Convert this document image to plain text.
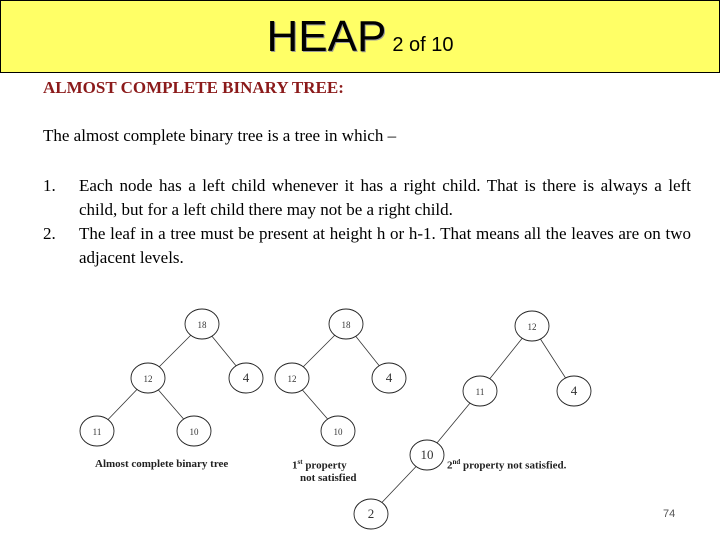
HEAP 2 of 10
ALMOST COMPLETE BINARY TREE:
The almost complete binary tree is a tree in which –
1.	Each node has a left child whenever it has a right child. That is there is always a left child, but for a left child there may not be a right child.
2.	The leaf in a tree must be present at height h or h-1. That means all the leaves are on two adjacent levels.
18
12	4
11	10
18
12	4
10
12
11	4
10
2
Almost complete binary tree	1st property
not satisfied
2nd property not satisfied.
74
